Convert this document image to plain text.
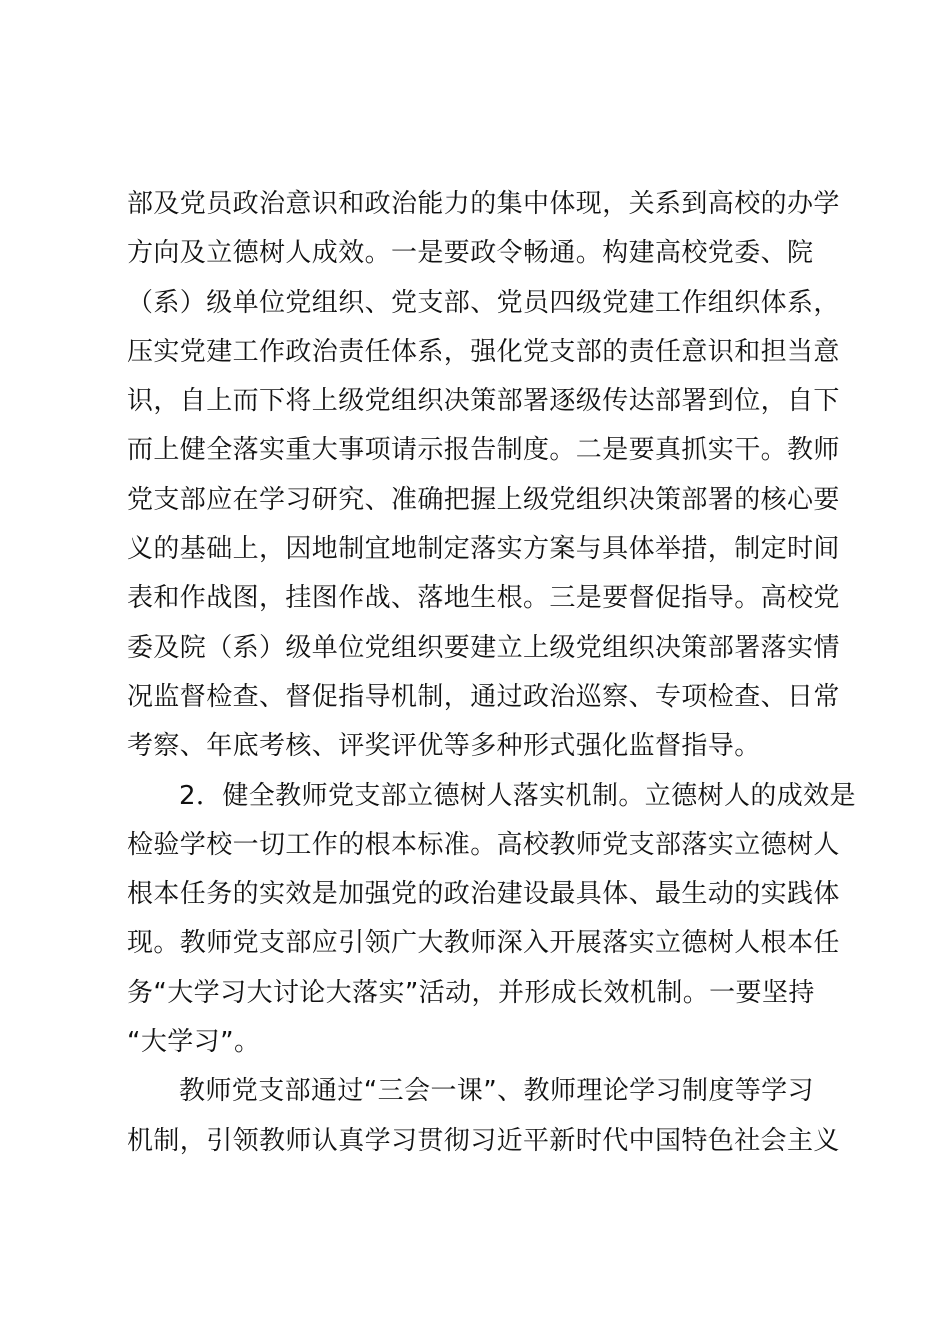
部及党员政治意识和政治能力的集中体现，关系到高校的办学
方向及立德树人成效。一是要政令畅通。构建高校党委、院
（系）级单位党组织、党支部、党员四级党建工作组织体系，
压实党建工作政治责任体系，强化党支部的责任意识和担当意
识，自上而下将上级党组织决策部署逐级传达部署到位，自下
而上健全落实重大事项请示报告制度。二是要真抓实干。教师
党支部应在学习研究、准确把握上级党组织决策部署的核心要
义的基础上，因地制宜地制定落实方案与具体举措，制定时间
表和作战图，挂图作战、落地生根。三是要督促指导。高校党
委及院（系）级单位党组织要建立上级党组织决策部署落实情
况监督检查、督促指导机制，通过政治巡察、专项检查、日常
考察、年底考核、评奖评优等多种形式强化监督指导。
2．健全教师党支部立德树人落实机制。立德树人的成效是
检验学校一切工作的根本标准。高校教师党支部落实立德树人
根本任务的实效是加强党的政治建设最具体、最生动的实践体
现。教师党支部应引领广大教师深入开展落实立德树人根本任
务“大学习大讨论大落实”活动，并形成长效机制。一要坚持
“大学习”。
教师党支部通过“三会一课”、教师理论学习制度等学习
机制，引领教师认真学习贯彻习近平新时代中国特色社会主义
